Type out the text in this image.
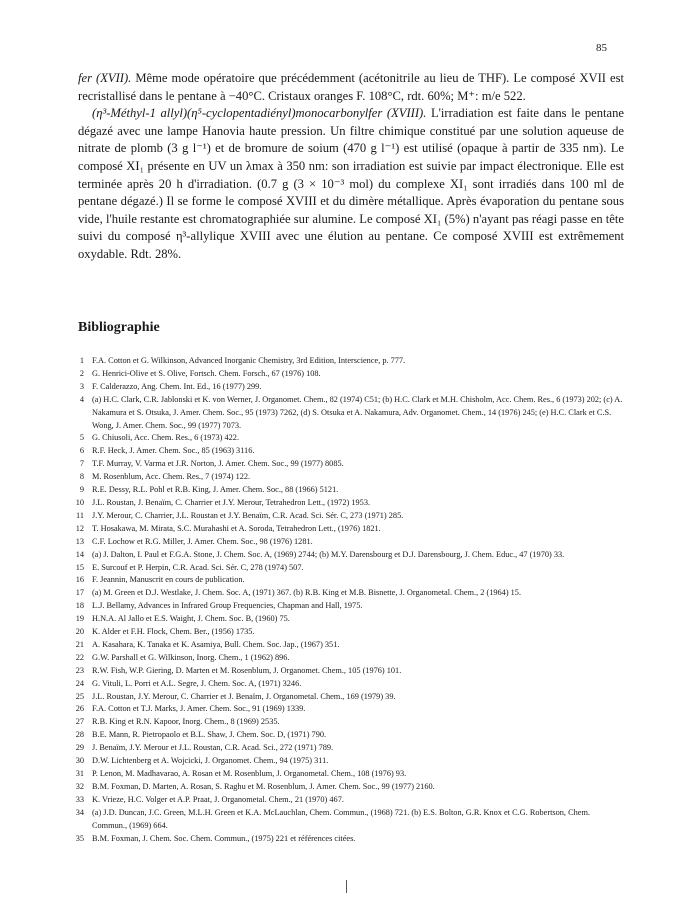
85

fer (XVII). Même mode opératoire que précédemment (acétonitrile au lieu de THF). Le composé XVII est recristallisé dans le pentane à −40°C. Cristaux oranges F. 108°C, rdt. 60%; M⁺: m/e 522.

(η³-Méthyl-1 allyl)(η⁵-cyclopentadiényl)monocarbonylfer (XVIII). L'irradiation est faite dans le pentane dégazé avec une lampe Hanovia haute pression. Un filtre chimique constitué par une solution aqueuse de nitrate de plomb (3 g l⁻¹) et de bromure de soium (470 g l⁻¹) est utilisé (opaque à partir de 335 nm). Le composé XI₁ présente en UV un λmax à 350 nm: son irradiation est suivie par impact électronique. Elle est terminée après 20 h d'irradiation. (0.7 g (3 × 10⁻³ mol) du complexe XI₁ sont irradiés dans 100 ml de pentane dégazé.) Il se forme le composé XVIII et du dimère métallique. Après évaporation du pentane sous vide, l'huile restante est chromatographiée sur alumine. Le composé XI₁ (5%) n'ayant pas réagi passe en tête suivi du composé η³-allylique XVIII avec une élution au pentane. Ce composé XVIII est extrêmement oxydable. Rdt. 28%.

Bibliographie
1 F.A. Cotton et G. Wilkinson, Advanced Inorganic Chemistry, 3rd Edition, Interscience, p. 777.
2 G. Henrici-Olive et S. Olive, Fortsch. Chem. Forsch., 67 (1976) 108.
3 F. Calderazzo, Ang. Chem. Int. Ed., 16 (1977) 299.
4 (a) H.C. Clark, C.R. Jablonski et K. von Werner, J. Organomet. Chem., 82 (1974) C51; (b) H.C. Clark et M.H. Chisholm, Acc. Chem. Res., 6 (1973) 202; (c) A. Nakamura et S. Otsuka, J. Amer. Chem. Soc., 95 (1973) 7262, (d) S. Otsuka et A. Nakamura, Adv. Organomet. Chem., 14 (1976) 245; (e) H.C. Clark et C.S. Wong, J. Amer. Chem. Soc., 99 (1977) 7073.
5 G. Chiusoli, Acc. Chem. Res., 6 (1973) 422.
6 R.F. Heck, J. Amer. Chem. Soc., 85 (1963) 3116.
7 T.F. Murray, V. Varma et J.R. Norton, J. Amer. Chem. Soc., 99 (1977) 8085.
8 M. Rosenblum, Acc. Chem. Res., 7 (1974) 122.
9 R.E. Dessy, R.L. Pohl et R.B. King, J. Amer. Chem. Soc., 88 (1966) 5121.
10 J.L. Roustan, J. Benaïm, C. Charrier et J.Y. Merour, Tetrahedron Lett., (1972) 1953.
11 J.Y. Merour, C. Charrier, J.L. Roustan et J.Y. Benaïm, C.R. Acad. Sci. Sér. C, 273 (1971) 285.
12 T. Hosakawa, M. Mirata, S.C. Murahashi et A. Soroda, Tetrahedron Lett., (1976) 1821.
13 C.F. Lochow et R.G. Miller, J. Amer. Chem. Soc., 98 (1976) 1281.
14 (a) J. Dalton, I. Paul et F.G.A. Stone, J. Chem. Soc. A, (1969) 2744; (b) M.Y. Darensbourg et D.J. Darensbourg, J. Chem. Educ., 47 (1970) 33.
15 E. Surcouf et P. Herpin, C.R. Acad. Sci. Sér. C, 278 (1974) 507.
16 F. Jeannin, Manuscrit en cours de publication.
17 (a) M. Green et D.J. Westlake, J. Chem. Soc. A, (1971) 367. (b) R.B. King et M.B. Bisnette, J. Organometal. Chem., 2 (1964) 15.
18 L.J. Bellamy, Advances in Infrared Group Frequencies, Chapman and Hall, 1975.
19 H.N.A. Al Jallo et E.S. Waight, J. Chem. Soc. B, (1960) 75.
20 K. Alder et F.H. Flock, Chem. Ber., (1956) 1735.
21 A. Kasahara, K. Tanaka et K. Asamiya, Bull. Chem. Soc. Jap., (1967) 351.
22 G.W. Parshall et G. Wilkinson, Inorg. Chem., 1 (1962) 896.
23 R.W. Fish, W.P. Giering, D. Marten et M. Rosenblum, J. Organomet. Chem., 105 (1976) 101.
24 G. Vituli, L. Porri et A.L. Segre, J. Chem. Soc. A, (1971) 3246.
25 J.L. Roustan, J.Y. Merour, C. Charrier et J. Benaïm, J. Organometal. Chem., 169 (1979) 39.
26 F.A. Cotton et T.J. Marks, J. Amer. Chem. Soc., 91 (1969) 1339.
27 R.B. King et R.N. Kapoor, Inorg. Chem., 8 (1969) 2535.
28 B.E. Mann, R. Pietropaolo et B.L. Shaw, J. Chem. Soc. D, (1971) 790.
29 J. Benaïm, J.Y. Merour et J.L. Roustan, C.R. Acad. Sci., 272 (1971) 789.
30 D.W. Lichtenberg et A. Wojcicki, J. Organomet. Chem., 94 (1975) 311.
31 P. Lenon, M. Madhavarao, A. Rosan et M. Rosenblum, J. Organometal. Chem., 108 (1976) 93.
32 B.M. Foxman, D. Marten, A. Rosan, S. Raghu et M. Rosenblum, J. Amer. Chem. Soc., 99 (1977) 2160.
33 K. Vrieze, H.C. Volger et A.P. Praat, J. Organometal. Chem., 21 (1970) 467.
34 (a) J.D. Duncan, J.C. Green, M.L.H. Green et K.A. McLauchlan, Chem. Commun., (1968) 721. (b) E.S. Bolton, G.R. Knox et C.G. Robertson, Chem. Commun., (1969) 664.
35 B.M. Foxman, J. Chem. Soc. Chem. Commun., (1975) 221 et références citées.
